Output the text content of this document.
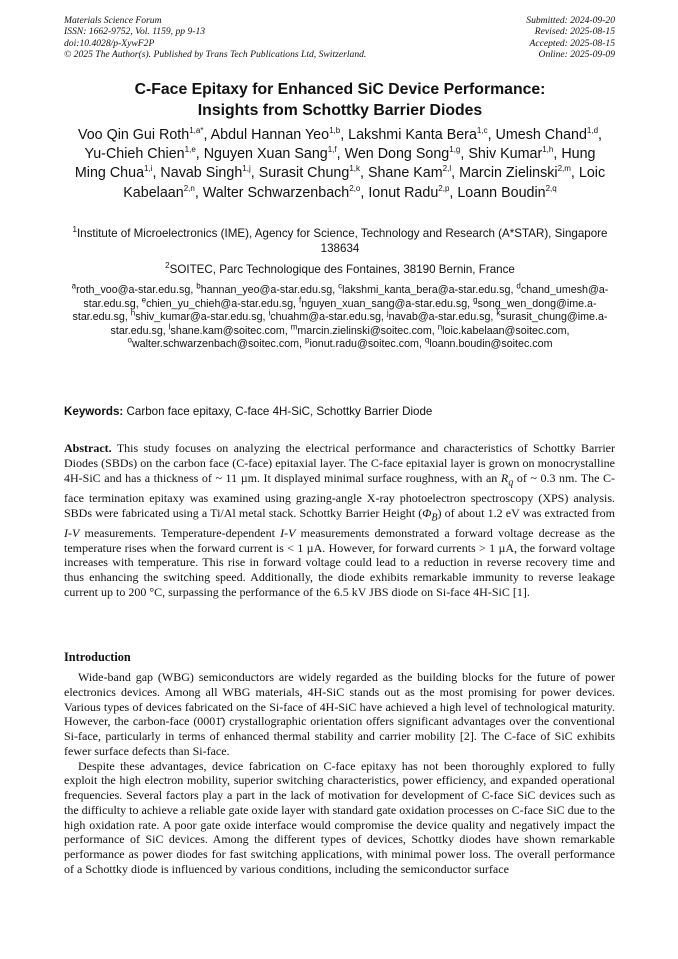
Materials Science Forum
ISSN: 1662-9752, Vol. 1159, pp 9-13
doi:10.4028/p-XywF2P
© 2025 The Author(s). Published by Trans Tech Publications Ltd, Switzerland.
Submitted: 2024-09-20
Revised: 2025-08-15
Accepted: 2025-08-15
Online: 2025-09-09
C-Face Epitaxy for Enhanced SiC Device Performance:
Insights from Schottky Barrier Diodes
Voo Qin Gui Roth$^{1,a*}$, Abdul Hannan Yeo$^{1,b}$, Lakshmi Kanta Bera$^{1,c}$, Umesh Chand$^{1,d}$, Yu-Chieh Chien$^{1,e}$, Nguyen Xuan Sang$^{1,f}$, Wen Dong Song$^{1,g}$, Shiv Kumar$^{1,h}$, Hung Ming Chua$^{1,i}$, Navab Singh$^{1,j}$, Surasit Chung$^{1,k}$, Shane Kam$^{2,l}$, Marcin Zielinski$^{2,m}$, Loic Kabelaan$^{2,n}$, Walter Schwarzenbach$^{2,o}$, Ionut Radu$^{2,p}$, Loann Boudin$^{2,q}$
$^1$Institute of Microelectronics (IME), Agency for Science, Technology and Research (A*STAR), Singapore 138634
$^2$SOITEC, Parc Technologique des Fontaines, 38190 Bernin, France
$^a$roth_voo@a-star.edu.sg, $^b$hannan_yeo@a-star.edu.sg, $^c$lakshmi_kanta_bera@a-star.edu.sg, $^d$chand_umesh@a-star.edu.sg, $^e$chien_yu_chieh@a-star.edu.sg, $^f$nguyen_xuan_sang@a-star.edu.sg, $^g$song_wen_dong@ime.a-star.edu.sg, $^h$shiv_kumar@a-star.edu.sg, $^i$chuahm@a-star.edu.sg, $^j$navab@a-star.edu.sg, $^k$surasit_chung@ime.a-star.edu.sg, $^l$shane.kam@soitec.com, $^m$marcin.zielinski@soitec.com, $^n$loic.kabelaan@soitec.com, $^o$walter.schwarzenbach@soitec.com, $^p$ionut.radu@soitec.com, $^q$loann.boudin@soitec.com
Keywords: Carbon face epitaxy, C-face 4H-SiC, Schottky Barrier Diode

Abstract. This study focuses on analyzing the electrical performance and characteristics of Schottky Barrier Diodes (SBDs) on the carbon face (C-face) epitaxial layer. The C-face epitaxial layer is grown on monocrystalline 4H-SiC and has a thickness of ~ 11 µm. It displayed minimal surface roughness, with an $R_q$ of ~ 0.3 nm. The C-face termination epitaxy was examined using grazing-angle X-ray photoelectron spectroscopy (XPS) analysis. SBDs were fabricated using a Ti/Al metal stack. Schottky Barrier Height $(\Phi_B)$ of about 1.2 eV was extracted from I-V measurements. Temperature-dependent I-V measurements demonstrated a forward voltage decrease as the temperature rises when the forward current is < 1 µA. However, for forward currents > 1 µA, the forward voltage increases with temperature. This rise in forward voltage could lead to a reduction in reverse recovery time and thus enhancing the switching speed. Additionally, the diode exhibits remarkable immunity to reverse leakage current up to 200 °C, surpassing the performance of the 6.5 kV JBS diode on Si-face 4H-SiC [1].

Introduction

Wide-band gap (WBG) semiconductors are widely regarded as the building blocks for the future of power electronics devices. Among all WBG materials, 4H-SiC stands out as the most promising for power devices. Various types of devices fabricated on the Si-face of 4H-SiC have achieved a high level of technological maturity. However, the carbon-face (0001̄) crystallographic orientation offers significant advantages over the conventional Si-face, particularly in terms of enhanced thermal stability and carrier mobility [2]. The C-face of SiC exhibits fewer surface defects than Si-face.

Despite these advantages, device fabrication on C-face epitaxy has not been thoroughly explored to fully exploit the high electron mobility, superior switching characteristics, power efficiency, and expanded operational frequencies. Several factors play a part in the lack of motivation for development of C-face SiC devices such as the difficulty to achieve a reliable gate oxide layer with standard gate oxidation processes on C-face SiC due to the high oxidation rate. A poor gate oxide interface would compromise the device quality and negatively impact the performance of SiC devices. Among the different types of devices, Schottky diodes have shown remarkable performance as power diodes for fast switching applications, with minimal power loss. The overall performance of a Schottky diode is influenced by various conditions, including the semiconductor surface
